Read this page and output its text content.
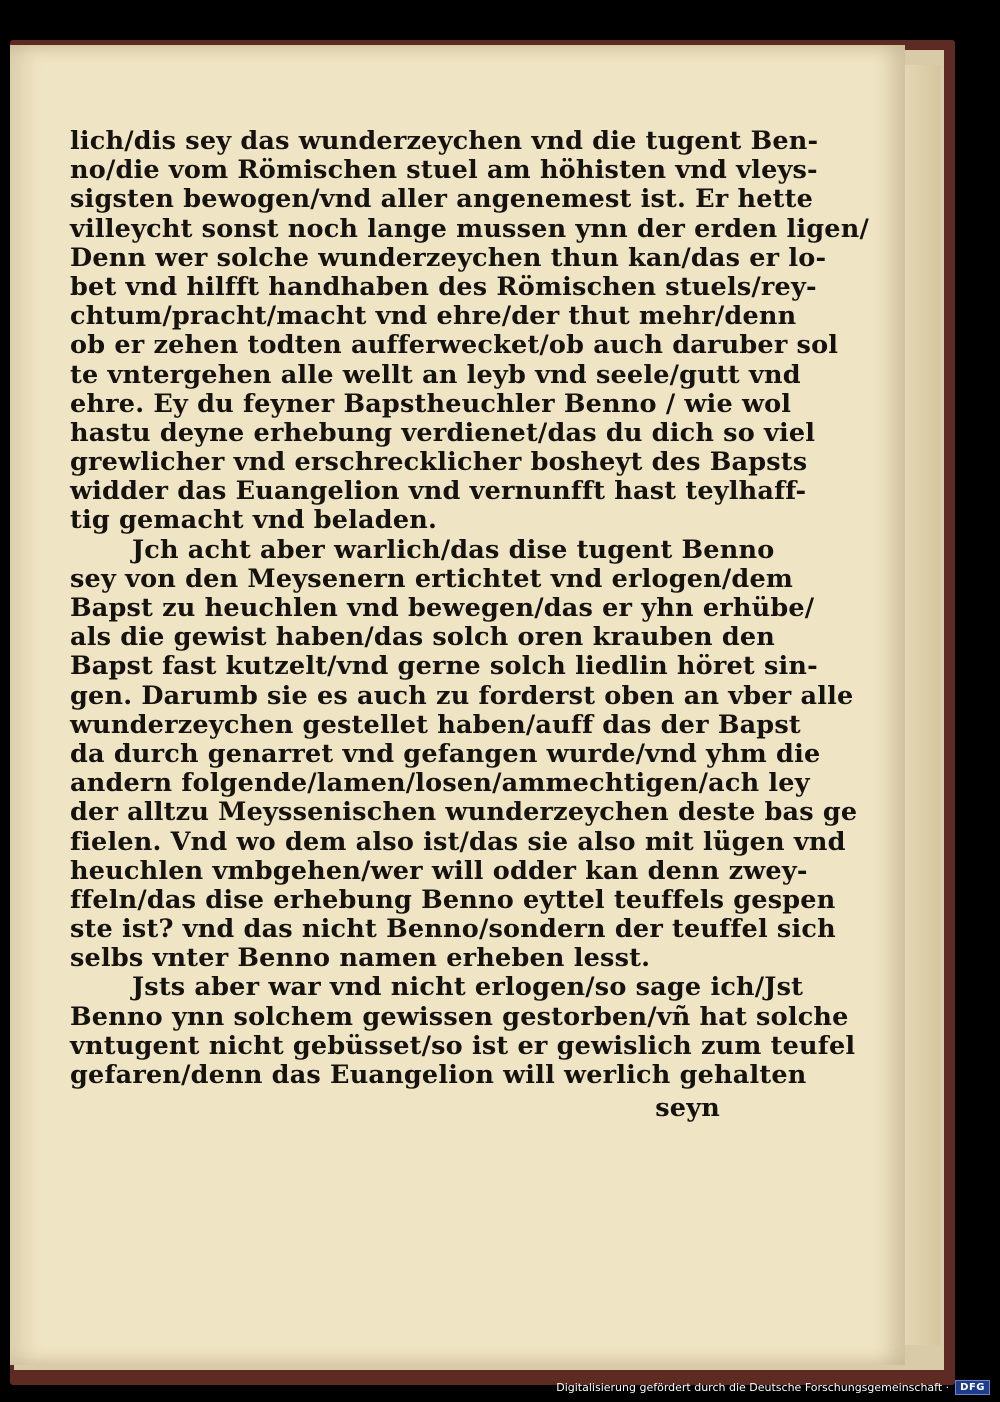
lich/dis sey das wunderzeychen vnd die tugent Ben-
no/die vom Römischen stuel am höhisten vnd vleys-
sigsten bewogen/vnd aller angenemest ist. Er hette
villeycht sonst noch lange mussen ynn der erden ligen/
Denn wer solche wunderzeychen thun kan/das er lo-
bet vnd hilfft handhaben des Römischen stuels/rey-
chtum/pracht/macht vnd ehre/der thut mehr/denn
ob er zehen todten aufferwecket/ob auch daruber sol
te vntergehen alle wellt an leyb vnd seele/gutt vnd
ehre. Ey du feyner Bapstheuchler Benno / wie wol
hastu deyne erhebung verdienet/das du dich so viel
grewlicher vnd erschrecklicher bosheyt des Bapsts
widder das Euangelion vnd vernunfft hast teylhaff-
tig gemacht vnd beladen.
Jch acht aber warlich/das dise tugent Benno
sey von den Meysenern ertichtet vnd erlogen/dem
Bapst zu heuchlen vnd bewegen/das er yhn erhübe/
als die gewist haben/das solch oren krauben den
Bapst fast kutzelt/vnd gerne solch liedlin höret sin-
gen. Darumb sie es auch zu forderst oben an vber alle
wunderzeychen gestellet haben/auff das der Bapst
da durch genarret vnd gefangen wurde/vnd yhm die
andern folgende/lamen/losen/ammechtigen/ach ley
der alltzu Meyssenischen wunderzeychen deste bas ge
fielen. Vnd wo dem also ist/das sie also mit lügen vnd
heuchlen vmbgehen/wer will odder kan denn zwey-
ffeln/das dise erhebung Benno eyttel teuffels gespen
ste ist? vnd das nicht Benno/sondern der teuffel sich
selbs vnter Benno namen erheben lesst.
Jsts aber war vnd nicht erlogen/so sage ich/Jst
Benno ynn solchem gewissen gestorben/vñ hat solche
vntugent nicht gebüsset/so ist er gewislich zum teufel
gefaren/denn das Euangelion will werlich gehalten
seyn
Digitalisierung gefördert durch die Deutsche Forschungsgemeinschaft ·	DFG
